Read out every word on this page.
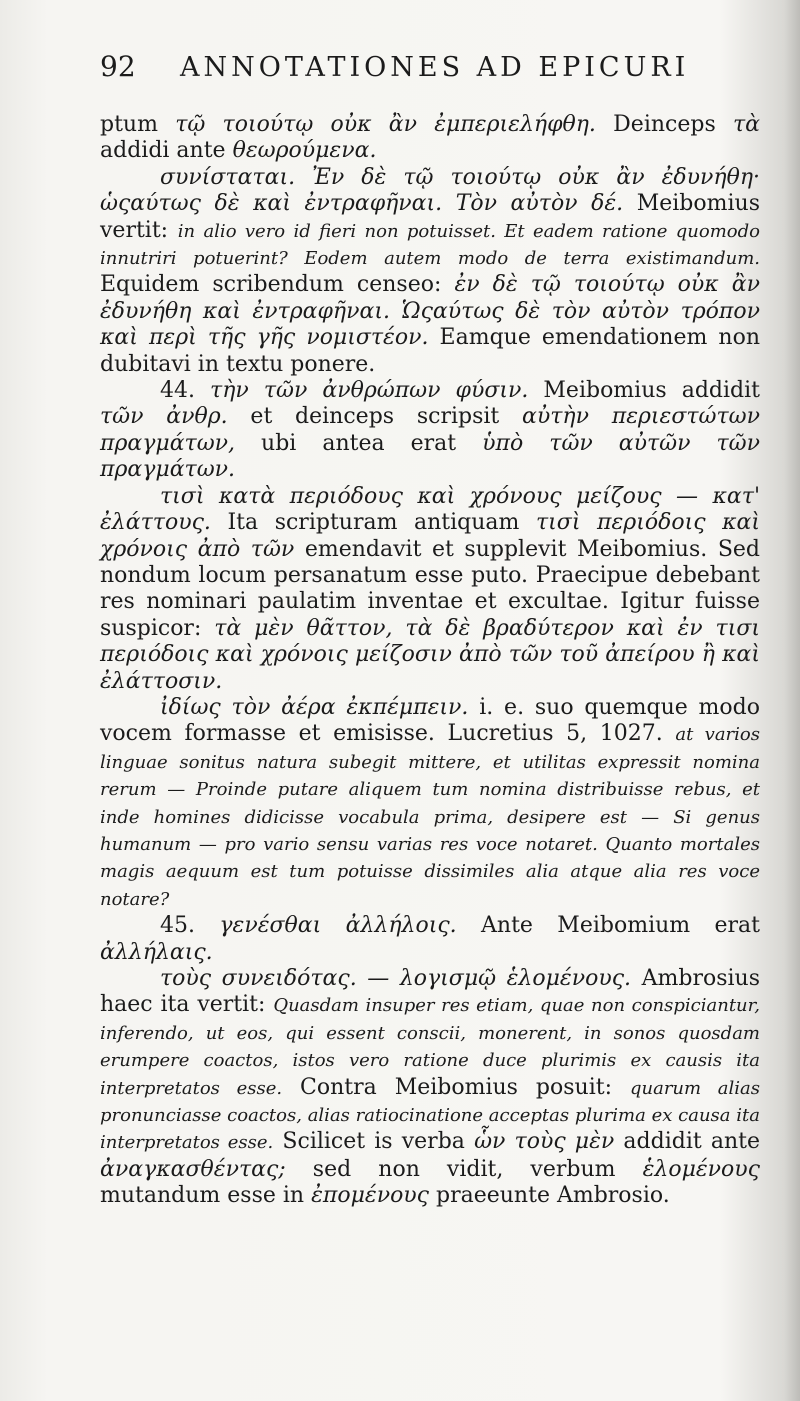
92	ANNOTATIONES AD EPICURI

ptum τῷ τοιούτῳ οὐκ ἂν ἐμπεριελήφθη. Deinceps τὰ addidi ante θεωρούμενα.

συνίσταται. Ἐν δὲ τῷ τοιούτῳ οὐκ ἂν ἐδυνήθη· ὡςαύτως δὲ καὶ ἐντραφῆναι. Τὸν αὐτὸν δέ. Meibomius vertit: in alio vero id fieri non potuisset. Et eadem ratione quomodo innutriri potuerint? Eodem autem modo de terra existimandum. Equidem scribendum censeo: ἐν δὲ τῷ τοιούτῳ οὐκ ἂν ἐδυνήθη καὶ ἐντραφῆναι. Ὡςαύτως δὲ τὸν αὐτὸν τρόπον καὶ περὶ τῆς γῆς νομιστέον. Eamque emendationem non dubitavi in textu ponere.

44. τὴν τῶν ἀνθρώπων φύσιν. Meibomius addidit τῶν ἀνθρ. et deinceps scripsit αὐτὴν περιεστώτων πραγμάτων, ubi antea erat ὑπὸ τῶν αὐτῶν τῶν πραγμάτων.

τισὶ κατὰ περιόδους καὶ χρόνους μείζους — κατ' ἐλάττους. Ita scripturam antiquam τισὶ περιόδοις καὶ χρόνοις ἀπὸ τῶν emendavit et supplevit Meibomius. Sed nondum locum persanatum esse puto. Praecipue debebant res nominari paulatim inventae et excultae. Igitur fuisse suspicor: τὰ μὲν θᾶττον, τὰ δὲ βραδύτερον καὶ ἐν τισι περιόδοις καὶ χρόνοις μείζοσιν ἀπὸ τῶν τοῦ ἀπείρου ἢ καὶ ἐλάττοσιν.

ἰδίως τὸν ἀέρα ἐκπέμπειν. i. e. suo quemque modo vocem formasse et emisisse. Lucretius 5, 1027. at varios linguae sonitus natura subegit mittere, et utilitas expressit nomina rerum — Proinde putare aliquem tum nomina distribuisse rebus, et inde homines didicisse vocabula prima, desipere est — Si genus humanum — pro vario sensu varias res voce notaret. Quanto mortales magis aequum est tum potuisse dissimiles alia atque alia res voce notare?

45. γενέσθαι ἀλλήλοις. Ante Meibomium erat ἀλλήλαις.

τοὺς συνειδότας. — λογισμῷ ἑλομένους. Ambrosius haec ita vertit: Quasdam insuper res etiam, quae non conspiciantur, inferendo, ut eos, qui essent conscii, monerent, in sonos quosdam erumpere coactos, istos vero ratione duce plurimis ex causis ita interpretatos esse. Contra Meibomius posuit: quarum alias pronunciasse coactos, alias ratiocinatione acceptas plurima ex causa ita interpretatos esse. Scilicet is verba ὧν τοὺς μὲν addidit ante ἀναγκασθέντας; sed non vidit, verbum ἑλομένους mutandum esse in ἐπομένους praeeunte Ambrosio.
